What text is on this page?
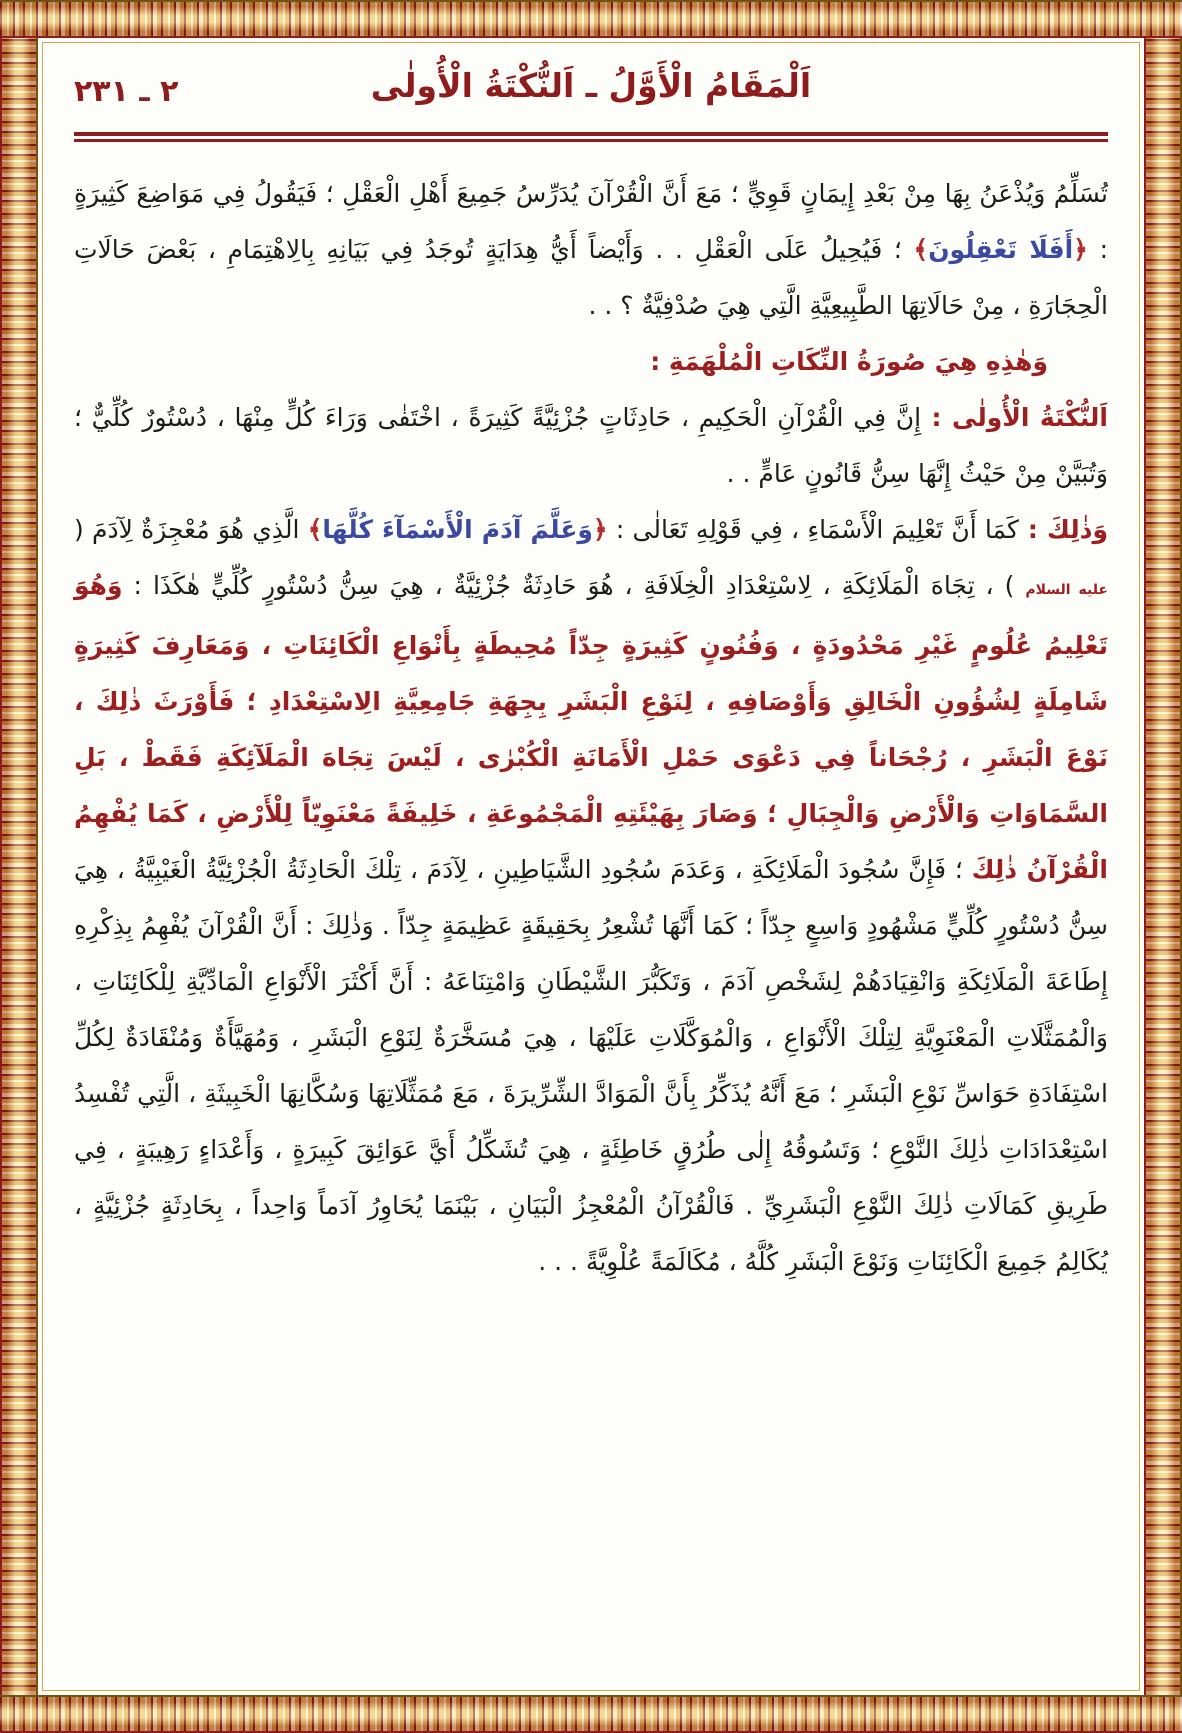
٢ ـ ٢٣١	اَلْمَقَامُ الْأَوَّلُ ـ اَلنُّكْتَةُ الْأُولٰى

تُسَلِّمُ وَيُذْعَنُ بِهَا مِنْ بَعْدِ إِيمَانٍ قَوِيٍّ ؛ مَعَ أَنَّ الْقُرْآنَ يُدَرِّسُ جَمِيعَ أَهْلِ الْعَقْلِ ؛ فَيَقُولُ فِي مَوَاضِعَ كَثِيرَةٍ : ﴿أَفَلَا تَعْقِلُونَ﴾ ؛ فَيُحِيلُ عَلَى الْعَقْلِ . . وَأَيْضاً أَيُّ هِدَايَةٍ تُوجَدُ فِي بَيَانِهِ بِالِاهْتِمَامِ ، بَعْضَ حَالَاتِ الْحِجَارَةِ ، مِنْ حَالَاتِهَا الطَّبِيعِيَّةِ الَّتِي هِيَ صُدْفِيَّةٌ ؟ . .

وَهٰذِهِ هِيَ صُورَةُ النِّكَاتِ الْمُلْهَمَةِ :

اَلنُّكْتَةُ الْأُولٰى : إِنَّ فِي الْقُرْآنِ الْحَكِيمِ ، حَادِثَاتٍ جُزْئِيَّةً كَثِيرَةً ، اخْتَفٰى وَرَاءَ كُلٍّ مِنْهَا ، دُسْتُورٌ كُلِّيٌّ ؛ وَتُبَيَّنْ مِنْ حَيْثُ إِنَّهَا سِنُّ قَانُونٍ عَامٍّ . .

وَذٰلِكَ : كَمَا أَنَّ تَعْلِيمَ الْأَسْمَاءِ ، فِي قَوْلِهِ تَعَالٰى : ﴿وَعَلَّمَ آدَمَ الْأَسْمَآءَ كُلَّهَا﴾ الَّذِي هُوَ مُعْجِزَةٌ لِآدَمَ ( عليه السلام ) ، تِجَاهَ الْمَلَائِكَةِ ، لِاسْتِعْدَادِ الْخِلَافَةِ ، هُوَ حَادِثَةٌ جُزْئِيَّةٌ ، هِيَ سِنُّ دُسْتُورٍ كُلِّيٍّ هٰكَذَا : وَهُوَ تَعْلِيمُ عُلُومٍ غَيْرِ مَحْدُودَةٍ ، وَفُنُونٍ كَثِيرَةٍ جِدّاً مُحِيطَةٍ بِأَنْوَاعِ الْكَائِنَاتِ ، وَمَعَارِفَ كَثِيرَةٍ شَامِلَةٍ لِشُؤُونِ الْخَالِقِ وَأَوْصَافِهِ ، لِنَوْعِ الْبَشَرِ بِجِهَةِ جَامِعِيَّةِ الِاسْتِعْدَادِ ؛ فَأَوْرَثَ ذٰلِكَ ، نَوْعَ الْبَشَرِ ، رُجْحَاناً فِي دَعْوَى حَمْلِ الْأَمَانَةِ الْكُبْرٰى ، لَيْسَ تِجَاهَ الْمَلَآئِكَةِ فَقَطْ ، بَلِ السَّمَاوَاتِ وَالْأَرْضِ وَالْجِبَالِ ؛ وَصَارَ بِهَيْئَتِهِ الْمَجْمُوعَةِ ، خَلِيفَةً مَعْنَوِيّاً لِلْأَرْضِ ، كَمَا يُفْهِمُ الْقُرْآنُ ذٰلِكَ ؛ فَإِنَّ سُجُودَ الْمَلَائِكَةِ ، وَعَدَمَ سُجُودِ الشَّيَاطِينِ ، لِآدَمَ ، تِلْكَ الْحَادِثَةُ الْجُزْئِيَّةُ الْغَيْبِيَّةُ ، هِيَ سِنُّ دُسْتُورٍ كُلِّيٍّ مَشْهُودٍ وَاسِعٍ جِدّاً ؛ كَمَا أَنَّهَا تُشْعِرُ بِحَقِيقَةٍ عَظِيمَةٍ جِدّاً . وَذٰلِكَ : أَنَّ الْقُرْآنَ يُفْهِمُ بِذِكْرِهِ إِطَاعَةَ الْمَلَائِكَةِ وَانْقِيَادَهُمْ لِشَخْصِ آدَمَ ، وَتَكَبُّرَ الشَّيْطَانِ وَامْتِنَاعَهُ : أَنَّ أَكْثَرَ الْأَنْوَاعِ الْمَادِّيَّةِ لِلْكَائِنَاتِ ، وَالْمُمَثَّلَاتِ الْمَعْنَوِيَّةِ لِتِلْكَ الْأَنْوَاعِ ، وَالْمُوَكَّلَاتِ عَلَيْهَا ، هِيَ مُسَخَّرَةٌ لِنَوْعِ الْبَشَرِ ، وَمُهَيَّأَةٌ وَمُنْقَادَةٌ لِكُلِّ اسْتِفَادَةِ حَوَاسِّ نَوْعِ الْبَشَرِ ؛ مَعَ أَنَّهُ يُذَكِّرُ بِأَنَّ الْمَوَادَّ الشِّرِّيرَةَ ، مَعَ مُمَثِّلَاتِهَا وَسُكَّانِهَا الْخَبِيثَةِ ، الَّتِي تُفْسِدُ اسْتِعْدَادَاتِ ذٰلِكَ النَّوْعِ ؛ وَتَسُوقُهُ إِلٰى طُرُقٍ خَاطِئَةٍ ، هِيَ تُشَكِّلُ أَيَّ عَوَائِقَ كَبِيرَةٍ ، وَأَعْدَاءٍ رَهِيبَةٍ ، فِي طَرِيقِ كَمَالَاتِ ذٰلِكَ النَّوْعِ الْبَشَرِيِّ . فَالْقُرْآنُ الْمُعْجِزُ الْبَيَانِ ، بَيْنَمَا يُحَاوِرُ آدَماً وَاحِداً ، بِحَادِثَةٍ جُزْئِيَّةٍ ، يُكَالِمُ جَمِيعَ الْكَائِنَاتِ وَنَوْعَ الْبَشَرِ كُلَّهُ ، مُكَالَمَةً عُلْوِيَّةً . . .
